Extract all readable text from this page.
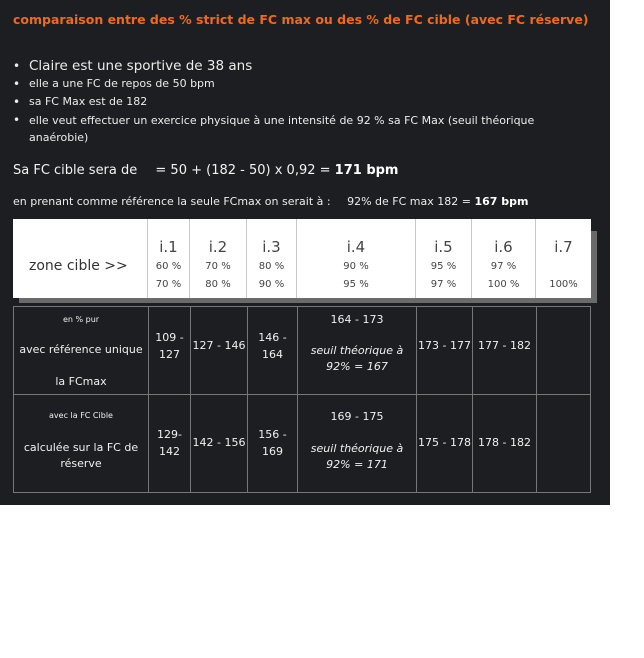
comparaison entre des % strict de FC max ou des % de FC cible (avec FC réserve)
• Claire est une sportive de 38 ans
• elle a une FC de repos de 50 bpm
• sa FC Max est de 182
• elle veut effectuer un exercice physique à une intensité de 92 % sa FC Max (seuil théorique
anaérobie)
Sa FC cible sera de = 50 + (182 - 50) x 0,92 = 171 bpm
en prenant comme référence la seule FCmax on serait à : 92% de FC max 182 = 167 bpm
zone cible >>
i.1
60 %
70 %
i.2
70 %
80 %
i.3
80 %
90 %
i.4
90 %
95 %
i.5
95 %
97 %
i.6
97 %
100 %
i.7
100%
en % pur
avec référence unique
la FCmax
109 -
127
127 - 146
146 -
164
164 - 173
seuil théorique à
92% = 167
173 - 177 177 - 182
avec la FC Cible
calculée sur la FC de
réserve
129-
142
142 - 156
156 -
169
169 - 175
seuil théorique à
92% = 171
175 - 178 178 - 182
